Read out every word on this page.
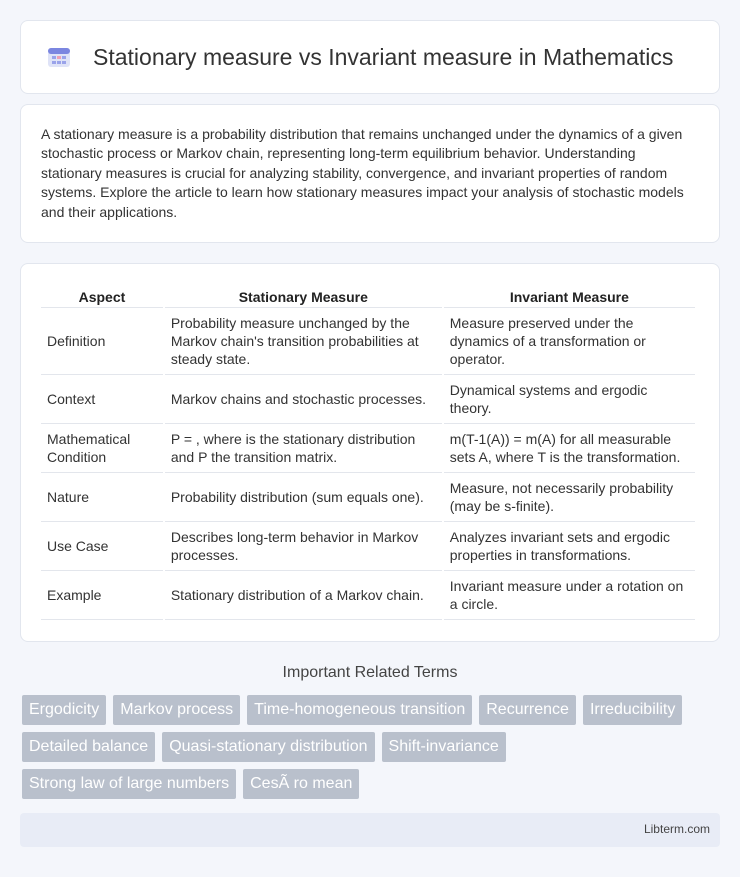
Stationary measure vs Invariant measure in Mathematics

A stationary measure is a probability distribution that remains unchanged under the dynamics of a given stochastic process or Markov chain, representing long-term equilibrium behavior. Understanding stationary measures is crucial for analyzing stability, convergence, and invariant properties of random systems. Explore the article to learn how stationary measures impact your analysis of stochastic models and their applications.

Aspect	Stationary Measure	Invariant Measure
Definition	Probability measure unchanged by the Markov chain's transition probabilities at steady state.	Measure preserved under the dynamics of a transformation or operator.
Context	Markov chains and stochastic processes.	Dynamical systems and ergodic theory.
Mathematical Condition	P = , where is the stationary distribution and P the transition matrix.	m(T-1(A)) = m(A) for all measurable sets A, where T is the transformation.
Nature	Probability distribution (sum equals one).	Measure, not necessarily probability (may be s-finite).
Use Case	Describes long-term behavior in Markov processes.	Analyzes invariant sets and ergodic properties in transformations.
Example	Stationary distribution of a Markov chain.	Invariant measure under a rotation on a circle.
Important Related Terms
Ergodicity	Markov process	Time-homogeneous transition	Recurrence	Irreducibility
Detailed balance	Quasi-stationary distribution	Shift-invariance
Strong law of large numbers	CesÃ ro mean
Libterm.com
